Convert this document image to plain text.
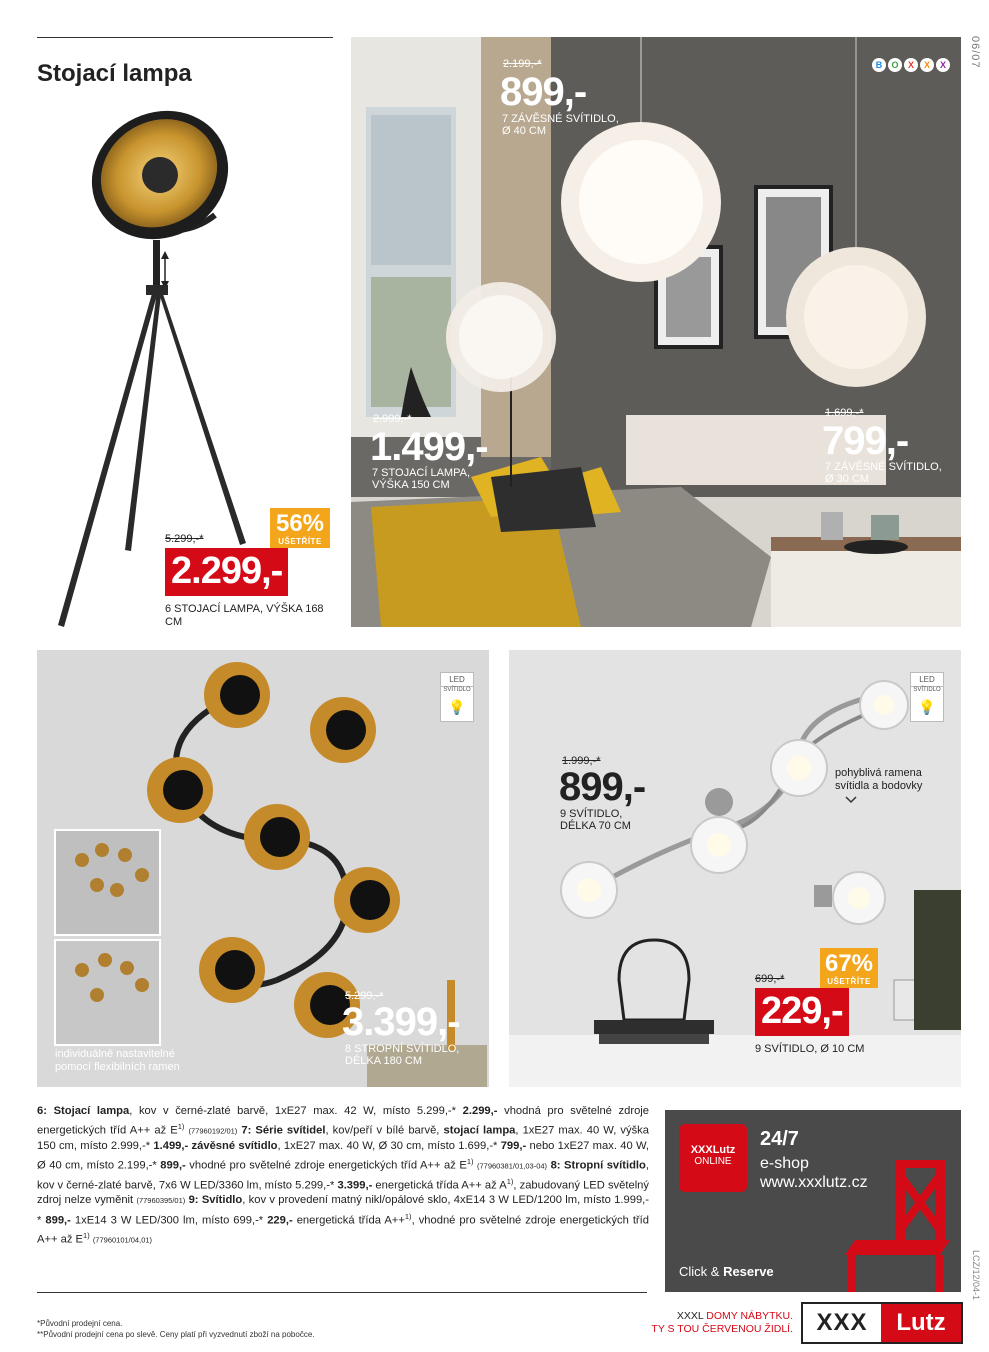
06/07
LCZ/12/04-1
Stojací lampa
5.299,-*
56%
UŠETŘÍTE
2.299,-
6 STOJACÍ LAMPA, VÝŠKA 168 CM
B	O	X	X	X
2.199,-*
899,-
7 ZÁVĚSNÉ SVÍTIDLO,
Ø 40 CM
2.999,-*
1.499,-
7 STOJACÍ LAMPA,
VÝŠKA 150 CM
1.699,-*
799,-
7 ZÁVĚSNÉ SVÍTIDLO,
Ø 30 CM
LED
SVÍTIDLO
💡
5.299,-*
3.399,-
8 STROPNÍ SVÍTIDLO,
DÉLKA 180 CM
individuálně nastavitelné pomocí flexibilních ramen
LED
SVÍTIDLO
💡
1.999,-*
899,-
9 SVÍTIDLO,
DÉLKA 70 CM
pohyblivá ramena svítidla a bodovky
699,-*
67%
UŠETŘÍTE
229,-
9 SVÍTIDLO, Ø 10 CM
6: Stojací lampa, kov v černé-zlaté barvě, 1xE27 max. 42 W, místo 5.299,-* 2.299,- vhodná pro světelné zdroje energetických tříd A++ až $E^{1)}$ (77960192/01) 7: Série svítidel, kov/peří v bílé barvě, stojací lampa, 1xE27 max. 40 W, výška 150 cm, místo 2.999,-* 1.499,- závěsné svítidlo, 1xE27 max. 40 W, Ø 30 cm, místo 1.699,-* 799,- nebo 1xE27 max. 40 W, Ø 40 cm, místo 2.199,-* 899,- vhodné pro světelné zdroje energetických tříd A++ až $E^{1)}$ (77960381/01,03-04) 8: Stropní svítidlo, kov v černé-zlaté barvě, 7x6 W LED/3360 lm, místo 5.299,-* 3.399,- energetická třída A++ až $A^{1)}$, zabudovaný LED světelný zdroj nelze vyměnit (77960395/01) 9: Svítidlo, kov v provedení matný nikl/opálové sklo, 4xE14 3 W LED/1200 lm, místo 1.999,-* 899,- 1xE14 3 W LED/300 lm, místo 699,-* 229,- energetická třída A++$^{1)}$, vhodné pro světelné zdroje energetických tříd A++ až $E^{1)}$ (77960101/04,01)
*Původní prodejní cena.
**Původní prodejní cena po slevě. Ceny platí při vyzvednutí zboží na pobočce.
XXXLutz
ONLINE
24/7
e-shop
www.xxxlutz.cz
Click & Reserve
XXXL DOMY NÁBYTKU.
TY S TOU ČERVENOU ŽIDLÍ. XXX	Lutz
